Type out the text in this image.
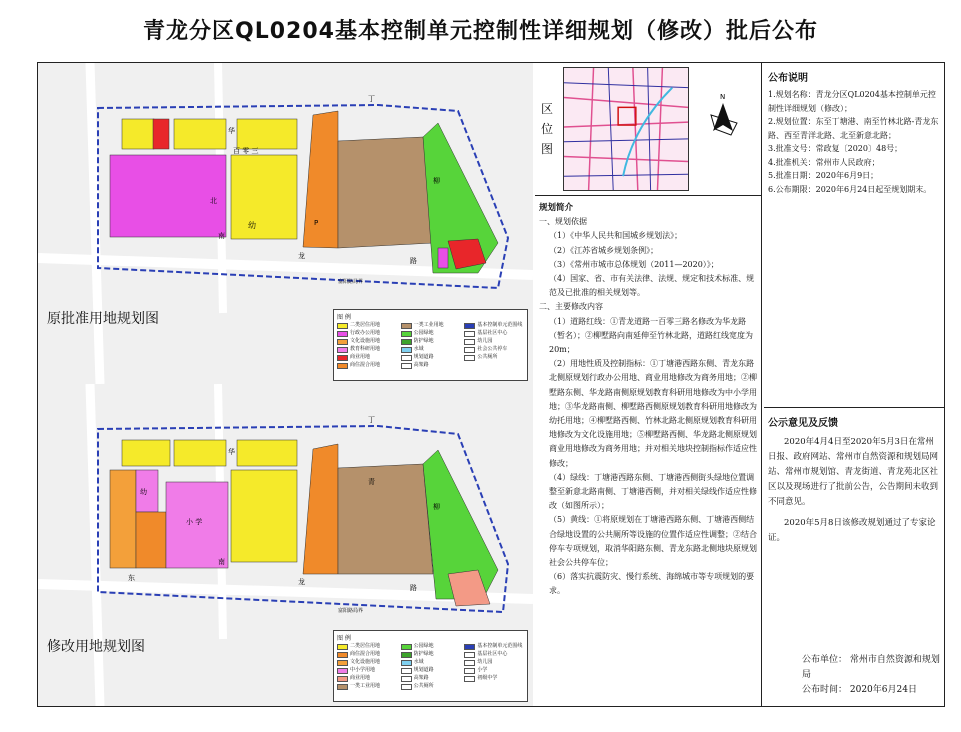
青龙分区QL0204基本控制单元控制性详细规划（修改）批后公布
丁
华
北
百 零 三
南
龙
路
幼	P
柳
富阳路局界
原批准用地规划图	图 例
二类居住用地	一类工业用地	基本控制单元范围线
行政办公用地	公园绿地	基层社区中心
文化设施用地	防护绿地	幼儿园
教育科研用地	水域	社会公共停车
商业用地	规划道路	公共厕所
商住混合用地	高架路
丁
华
南
龙
路
东
小 学
幼
柳
青
富阳路局界
修改用地规划图
图 例
二类居住用地	公园绿地	基本控制单元范围线
商住混合用地	防护绿地	基层社区中心
文化设施用地	水域	幼儿园
中小学用地	规划道路	小学
商业用地	高架路	初级中学
一类工业用地	公共厕所
区位图
N

规划简介

一、规划依据

（1）《中华人民共和国城乡规划法》；

（2）《江苏省城乡规划条例》；

（3）《常州市城市总体规划（2011—2020）》；

（4）国家、省、市有关法律、法规、规定和技术标准、规范及已批准的相关规划等。

二、主要修改内容

（1）道路红线：①青龙道路一百零三路名修改为华龙路（暂名）；②柳墅路向南延伸至竹林北路，道路红线宽度为20m；

（2）用地性质及控制指标：①丁塘港西路东侧、青龙东路北侧原规划行政办公用地、商业用地修改为商务用地；②柳墅路东侧、华龙路南侧原规划教育科研用地修改为中小学用地；③华龙路南侧、柳墅路西侧原规划教育科研用地修改为幼托用地；④柳墅路西侧、竹林北路北侧原规划教育科研用地修改为文化设施用地；⑤柳墅路西侧、华龙路北侧原规划商业用地修改为商务用地；并对相关地块控制指标作适应性修改；

（4）绿线：丁塘港西路东侧、丁塘港西侧街头绿地位置调整至新意北路南侧、丁塘港西侧，并对相关绿线作适应性修改（如图所示）；

（5）黄线：①将原规划在丁塘港西路东侧、丁塘港西侧结合绿地设置的公共厕所等设施的位置作适应性调整；②结合停车专项规划，取消华阳路东侧、青龙东路北侧地块原规划社会公共停车位；

（6）落实抗震防灾、慢行系统、海绵城市等专项规划的要求。

公布说明

1.规划名称：青龙分区QL0204基本控制单元控制性详细规划（修改）；

2.规划位置：东至丁塘港、南至竹林北路-青龙东路、西至青洋北路、北至新意北路；

3.批准文号：常政复〔2020〕48号；

4.批准机关：常州市人民政府；

5.批准日期：2020年6月9日；

6.公布期限：2020年6月24日起至规划期末。

公示意见及反馈

2020年4月4日至2020年5月3日在常州日报、政府网站、常州市自然资源和规划局网站、常州市规划馆、青龙街道、青龙苑北区社区以及现场进行了批前公告，公告期间未收到不同意见。

2020年5月8日该修改规划通过了专家论证。

公布单位： 常州市自然资源和规划局
公布时间： 2020年6月24日
